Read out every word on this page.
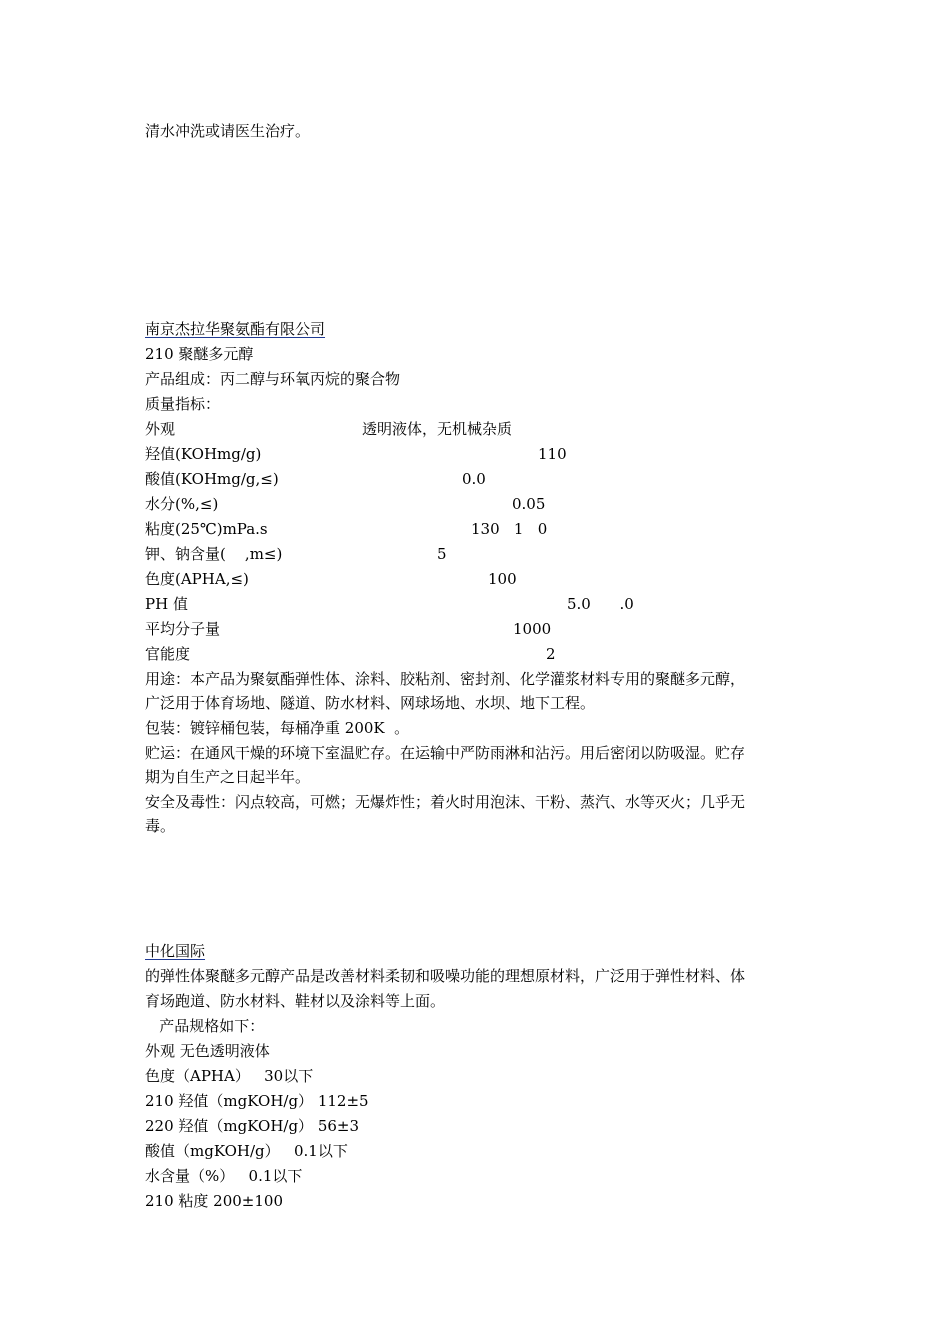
清水冲洗或请医生治疗。
南京杰拉华聚氨酯有限公司
210 聚醚多元醇
产品组成：丙二醇与环氧丙烷的聚合物
质量指标：
外观	透明液体，无机械杂质
羟值(KOHmg/g)	110
酸值(KOHmg/g,≤)	0.0
水分(%,≤)	0.05
粘度(25℃)mPa.s	130   1   0
钾、钠含量(    ,m≤)	5
色度(APHA,≤)	100
PH 值	5.0      .0
平均分子量	1000
官能度	2
用途：本产品为聚氨酯弹性体、涂料、胶粘剂、密封剂、化学灌浆材料专用的聚醚多元醇，
广泛用于体育场地、隧道、防水材料、网球场地、水坝、地下工程。
包装：镀锌桶包装，每桶净重 200K  。
贮运：在通风干燥的环境下室温贮存。在运输中严防雨淋和沾污。用后密闭以防吸湿。贮存
期为自生产之日起半年。
安全及毒性：闪点较高，可燃；无爆炸性；着火时用泡沫、干粉、蒸汽、水等灭火；几乎无
毒。
中化国际
的弹性体聚醚多元醇产品是改善材料柔韧和吸噪功能的理想原材料，广泛用于弹性材料、体
育场跑道、防水材料、鞋材以及涂料等上面。
产品规格如下：
外观 无色透明液体
色度（APHA）   30以下
210 羟值（mgKOH/g） 112±5
220 羟值（mgKOH/g） 56±3
酸值（mgKOH/g）   0.1以下
水含量（%）   0.1以下
210 粘度 200±100
